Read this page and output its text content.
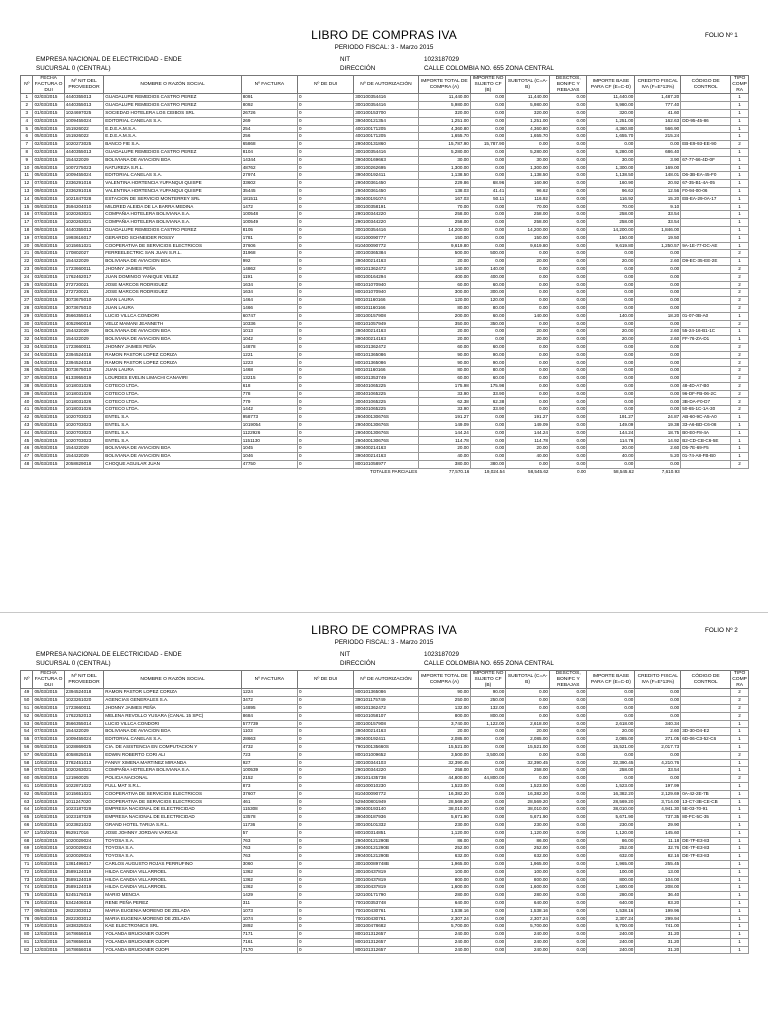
LIBRO DE COMPRAS IVA
PERIODO FISCAL: 3 - Marzo 2015
FOLIO Nº 1
EMPRESA NACIONAL DE ELECTRICIDAD - ENDE
SUCURSAL 0 (CENTRAL)
NIT	1023187029
DIRECCIÓN	CALLE COLOMBIA NO. 655 ZONA CENTRAL
Nº	FECHA FACTURA O DUI	Nº NIT DEL PROVEEDOR	NOMBRE O RAZÓN SOCIAL	Nº FACTURA	Nº DE DUI	Nº DE AUTORIZACIÓN	IMPORTE TOTAL DE COMPRA (A)	IMPORTE NO SUJETO CF (B)	SUBTOTAL (C=A-B)	DESCTOS, BONIFC Y REBAJAS	IMPORTE BASE PARA CF (E=C-D)	CREDITO FISCAL IVA (F=E*13%)	CÓDIGO DE CONTROL	TIPO COMP RA
1	02/03/2015	4440355013	GUADALUPE REMEDIOS CASTRO PEREZ	8091	0	300100354416	11,440.00	0.00	11,440.00	0.00	11,440.00	1,487.20		1
2	02/03/2015	4440355013	GUADALUPE REMEDIOS CASTRO PEREZ	8092	0	300100354416	5,980.00	0.00	5,980.00	0.00	5,980.00	777.40		1
3	01/03/2015	1024697025	SOCIEDAD HOTELERA LOS CEIBOS SRL	26726	0	300100153700	320.00	0.00	320.00	0.00	320.00	41.60		1
4	03/03/2015	1009455024	EDITORIAL CANELAS S.A.	269	0	390400121354	1,251.00	0.00	1,251.00	0.00	1,251.00	162.63	DD-95-45-86	1
5	05/03/2015	151926022	E.D.E.A.M.S.A.	254	0	400100171205	4,360.80	0.00	4,360.80	0.00	4,360.80	566.90		1
6	05/03/2015	151926022	E.D.E.A.M.S.A.	256	0	400100171205	1,655.70	0.00	1,655.70	0.00	1,655.70	215.24		1
7	02/03/2015	1020273025	BANCO FIE S.A.	65868	0	290400131860	15,787.90	15,787.90	0.00	0.00	0.00	0.00	EB-E9-93-EE-90	2
8	02/03/2015	4440355013	GUADALUPE REMEDIOS CASTRO PEREZ	8104	0	300100354416	5,280.00	0.00	5,280.00	0.00	5,280.00	686.40		1
9	03/03/2015	154422029	BOLIVIANA DE AVIACION BOA	14344	0	390400169663	30.00	0.00	30.00	0.00	30.00	3.90	67-77-66-4D-0F	1
10	05/03/2015	1007275023	NATUREZA S.R.L.	48762	0	300100262695	1,300.00	0.00	1,300.00	0.00	1,300.00	169.00		1
11	05/03/2015	1009455024	EDITORIAL CANELAS S.A.	27974	0	390400192411	1,138.50	0.00	1,138.50	0.00	1,138.50	148.01	D6-3B-EA-45-F0	1
12	07/03/2015	2336291016	VALENTINA HORTENCIA YUPANQUI QUISPE	33602	0	290400361450	229.86	68.96	160.90	0.00	160.90	20.92	67-35-B1-4A-05	1
13	09/03/2015	2336291016	VALENTINA HORTENCIA YUPANQUI QUISPE	35445	0	290400361450	138.03	41.41	96.62	0.00	96.62	12.56	F0-94-00-06	1
14	05/03/2015	1021847028	ESTACION DE SERVICIO MONTERREY SRL	181511	0	350400191074	167.03	50.11	116.92	0.00	116.92	15.20	EB-EA-29-0A-17	1
15	09/03/2015	3594204010	MILDRED ALEIDA DE LA BARRA MEDINA	1472	0	300100358191	70.00	0.00	70.00	0.00	70.00	9.10		1
16	07/03/2015	1020263021	COMPAÑIA HOTELERA BOLIVIANA S.A.	100548	0	290100344220	258.00	0.00	258.00	0.00	258.00	33.54		1
17	07/03/2015	1020263021	COMPAÑIA HOTELERA BOLIVIANA S.A.	100549	0	290100344220	258.00	0.00	258.00	0.00	258.00	33.54		1
18	09/03/2015	4440355013	GUADALUPE REMEDIOS CASTRO PEREZ	8105	0	300100354416	14,200.00	0.00	14,200.00	0.00	14,200.00	1,846.00		1
19	07/03/2015	1993616017	GERARDO SCHNEIDER ROSSY	1781	0	810100090777	150.00	0.00	150.00	0.00	150.00	19.50		1
20	05/03/2015	1015651021	COOPERATIVA DE SERVICIOS ELECTRICOS	37606	0	810400090772	9,619.80	0.00	9,619.80	0.00	9,619.80	1,250.57	9A-1E-77-DC-AE	1
21	05/03/2015	170802027	FERREELECTRIC SAN JUAN S.R.L.	31968	0	300100365384	500.00	500.00	0.00	0.00	0.00	0.00		2
22	03/03/2015	154422029	BOLIVIANA DE AVIACION BOA	992	0	390400214163	20.00	0.00	20.00	0.00	20.00	2.60	D9-EC-35-EE-2E	1
23	09/03/2015	1723660011	JHONNY JAIMES PEÑA	14862	0	800101362472	140.00	140.00	0.00	0.00	0.00	0.00		2
24	03/03/2015	1762462017	JUAN DOMINGO YANIQUE VELEZ	1191	0	800100164294	400.00	400.00	0.00	0.00	0.00	0.00		2
25	03/03/2015	272720021	JOSE MARCOS RODRIGUEZ	1634	0	800101070940	60.00	60.00	0.00	0.00	0.00	0.00		2
26	03/03/2015	272720021	JOSE MARCOS RODRIGUEZ	1634	0	800101070940	300.00	300.00	0.00	0.00	0.00	0.00		2
27	03/03/2015	3073675010	JUAN LAURA	1464	0	800101160166	120.00	120.00	0.00	0.00	0.00	0.00		2
28	03/03/2015	3073675010	JUAN LAURA	1466	0	800101160166	80.00	80.00	0.00	0.00	0.00	0.00		2
29	03/03/2015	3566355014	LUCIO VILLCA CONDORI	60747	0	300100157908	200.00	60.00	140.00	0.00	140.00	18.20	01-07-0B-A0	1
30	03/03/2015	4052960018	VELIZ MAMANI JEANNETH	10336	0	800101057949	350.00	350.00	0.00	0.00	0.00	0.00		2
31	04/03/2015	154422029	BOLIVIANA DE AVIACION BOA	1013	0	390400214163	20.00	0.00	20.00	0.00	20.00	2.60	55-24-16-B1-1C	1
32	04/03/2015	154422029	BOLIVIANA DE AVIACION BOA	1042	0	390400214163	20.00	0.00	20.00	0.00	20.00	2.60	FF-76-ZA-D1	1
33	04/03/2015	1723660011	JHONNY JAIMES PEÑA	14878	0	800101362472	60.00	60.00	0.00	0.00	0.00	0.00		2
34	04/03/2015	2394524018	RAMON PASTOR LOPEZ CORIZA	1221	0	800101365086	90.00	90.00	0.00	0.00	0.00	0.00		2
35	04/03/2015	2394524018	RAMON PASTOR LOPEZ CORIZA	1223	0	800101365086	90.00	90.00	0.00	0.00	0.00	0.00		2
36	05/03/2015	3073675010	JUAN LAURA	1468	0	800101160166	80.00	80.00	0.00	0.00	0.00	0.00		2
37	05/03/2015	6133955019	LOURDES EVELIN LIMACHI CANAVIRI	13215	0	800101353749	60.00	60.00	0.00	0.00	0.00	0.00		2
38	05/03/2015	1018031026	COTECO LTDA.	618	0	300401065225	175.98	175.98	0.00	0.00	0.00	0.00	48-4D-A7-B0	2
39	05/03/2015	1018031026	COTECO LTDA.	778	0	300401065225	33.90	33.90	0.00	0.00	0.00	0.00	96-DF-FB-06-2C	2
40	05/03/2015	1018031026	COTECO LTDA.	779	0	300401065225	62.38	62.38	0.00	0.00	0.00	0.00	3B-DA-F0-D7	2
41	05/03/2015	1018031026	COTECO LTDA.	1442	0	300401065225	33.90	33.90	0.00	0.00	0.00	0.00	50-65-1C-1A-30	2
42	05/03/2015	1020703023	ENTEL S.A	958773	0	290400130676S	191.27	0.00	191.27	0.00	191.27	24.87	AB-60-9C-A5-A0	1
43	05/03/2015	1020703023	ENTEL S.A	1019054	0	290400130676S	149.09	0.00	149.09	0.00	149.09	19.38	33-A6-BD-C6-08	1
44	05/03/2015	1020703023	ENTEL S.A	1122926	0	290400130676S	144.24	0.00	144.24	0.00	144.24	18.75	B0-E0-F8-4A	1
45	05/03/2015	1020703023	ENTEL S.A	1151130	0	290400130676S	114.78	0.00	114.78	0.00	114.78	14.92	B2-CD-CB-C6-5E	1
46	05/03/2015	154422029	BOLIVIANA DE AVIACION BOA	1045	0	390400214163	20.00	0.00	20.00	0.00	20.00	2.60	D5-7E-69-F5	1
47	05/03/2015	154422029	BOLIVIANA DE AVIACION BOA	1046	0	390400214163	40.00	0.00	40.00	0.00	40.00	5.20	01-74-A8-FB-B0	1
48	05/03/2015	2058829018	CHOQUE AGUILAR JUAN	47750	0	800101058977	380.00	380.00	0.00	0.00	0.00	0.00		2
TOTALES PARCIALES							77,570.16	19,024.54	58,545.62	0.00	58,545.62	7,610.93		
LIBRO DE COMPRAS IVA
PERIODO FISCAL: 3 - Marzo 2015
FOLIO Nº 2
EMPRESA NACIONAL DE ELECTRICIDAD - ENDE
SUCURSAL 0 (CENTRAL)
NIT	1023187029
DIRECCIÓN	CALLE COLOMBIA NO. 655 ZONA CENTRAL
Nº	FECHA FACTURA O DUI	Nº NIT DEL PROVEEDOR	NOMBRE O RAZÓN SOCIAL	Nº FACTURA	Nº DE DUI	Nº DE AUTORIZACIÓN	IMPORTE TOTAL DE COMPRA (A)	IMPORTE NO SUJETO CF (B)	SUBTOTAL (C=A-B)	DESCTOS, BONIFC Y REBAJAS	IMPORTE BASE PARA CF (E=C-D)	CREDITO FISCAL IVA (F=E*13%)	CÓDIGO DE CONTROL	TIPO COMP RA
49	05/03/2015	2394524018	RAMON PASTOR LOPEZ CORIZA	1224	0	800101365086	90.00	90.00	0.00	0.00	0.00	0.00		2
50	06/03/2015	1023261020	AGENCIAS GENERALES S.A.	3472	0	390101175749	250.00	250.00	0.00	0.00	0.00	0.00		2
51	06/03/2015	1723660011	JHONNY JAIMES PEÑA	14895	0	800101362472	132.00	132.00	0.00	0.00	0.00	0.00		2
52	06/03/2015	1762252013	MELENA REVOLLO YUSARA (CANAL 15 SPC)	8684	0	800101058107	800.00	800.00	0.00	0.00	0.00	0.00		2
53	06/03/2015	3566355014	LUCIO VILLCA CONDORI	577739	0	300100157908	3,740.00	1,122.00	2,618.00	0.00	2,618.00	340.34		1
54	07/03/2015	154422029	BOLIVIANA DE AVIACION BOA	1103	0	390400214163	20.00	0.00	20.00	0.00	20.00	2.60	3D-30-D4-E2	1
55	07/03/2015	1009455024	EDITORIAL CANELAS S.A.	28663	0	390400192411	2,085.00	0.00	2,085.00	0.00	2,085.00	271.05	6D-06-C3-52-C6	1
56	09/03/2015	1028869025	CIA. DE ASISTENCIA EN COMPUTACION Y	4732	0	790100135660S	15,521.00	0.00	15,521.00	0.00	15,521.00	2,017.73		1
57	06/03/2015	4058825016	EDWIN ROBERTO CORI ALI	723	0	800101009652	3,500.00	3,500.00	0.00	0.00	0.00	0.00		2
58	10/03/2015	3782451013	FANNY XIMENA MARTINEZ MIRANDA	927	0	300100344103	32,390.45	0.00	32,390.45	0.00	32,390.45	4,210.76		1
59	07/03/2015	1020263021	COMPAÑIA HOTELERA BOLIVIANA S.A.	100539	0	290100344220	258.00	0.00	258.00	0.00	258.00	33.54		1
60	05/03/2015	121960025	POLICIA NACIONAL	2152	0	250101435738	44,800.00	44,800.00	0.00	0.00	0.00	0.00		2
61	10/03/2015	1022871022	FULL MAT S.R.L.	873	0	400100010230	1,523.00	0.00	1,523.00	0.00	1,523.00	197.99		1
62	05/03/2015	1015651021	COOPERATIVA DE SERVICIOS ELECTRICOS	37607	0	810400090772	16,382.20	0.00	16,382.20	0.00	16,382.20	2,129.69	0A-42-2E-7B	1
63	10/03/2015	1011247020	COOPERATIVA DE SERVICIOS ELECTRICOS	461	0	529400801949	28,569.20	0.00	28,569.20	0.00	28,569.20	3,714.00	13-C7-3B-CE-CB	1
64	10/03/2015	1023187029	EMPRESA NACIONAL DE ELECTRICIDAD	115308	0	390400193140	38,010.00	0.00	38,010.00	0.00	38,010.00	4,941.30	5E-03-70-91	1
65	10/03/2015	1023187029	EMPRESA NACIONAL DE ELECTRICIDAD	13578	0	390400187936	5,671.90	0.00	5,671.90	0.00	5,671.90	737.35	80-FC-5C-35	1
66	10/03/2015	1023821022	GRAND HOTEL TARIJA S.R.L.	11736	0	300100101332	230.00	0.00	230.00	0.00	230.00	29.90		1
67	11/03/2015	952917016	JOSE JOHNNY JORDAN VARGAS	57	0	800100314851	1,120.00	0.00	1,120.00	0.00	1,120.00	145.60		1
68	10/03/2015	1020029024	TOYOSA S.A.	763	0	290400121290B	86.00	0.00	86.00	0.00	86.00	11.18	DE-7F-E3-83	1
69	10/03/2015	1020029024	TOYOSA S.A.	763	0	290400121290B	252.00	0.00	252.00	0.00	252.00	32.76	DE-7F-E3-83	1
70	10/03/2015	1020029024	TOYOSA S.A.	763	0	290400121290B	632.00	0.00	632.00	0.00	632.00	82.16	DE-7F-E3-83	1
71	10/03/2015	1381496017	CARLOS AUGUSTO ROJAS PERRUFINO	3060	0	300100089748B	1,965.00	0.00	1,965.00	0.00	1,965.00	255.45		1
72	10/03/2015	3589124019	HILDA CANDIA VILLARROEL	1362	0	300100437819	100.00	0.00	100.00	0.00	100.00	13.00		1
73	10/03/2015	3589124019	HILDA CANDIA VILLARROEL	1362	0	300100437819	800.00	0.00	800.00	0.00	800.00	104.00		1
74	10/03/2015	3589124019	HILDA CANDIA VILLARROEL	1362	0	300100437819	1,600.00	0.00	1,600.00	0.00	1,600.00	208.00		1
75	10/03/2015	5245176019	MARIO MENCIA	1429	0	320100171790	280.00	0.00	280.00	0.00	280.00	36.40		1
76	10/03/2015	5342406018	RENE PEÑA PEREZ	311	0	700100353748	640.00	0.00	640.00	0.00	640.00	83.20		1
77	09/03/2015	2822303012	MARIA EUGENIA MORENO DE ZELADA	1073	0	700100430761	1,538.16	0.00	1,538.16	0.00	1,538.16	199.96		1
78	09/03/2015	2822303012	MARIA EUGENIA MORENO DE ZELADA	1074	0	700100430761	2,307.24	0.00	2,307.24	0.00	2,307.24	299.94		1
79	10/03/2015	1838325024	KAE ELECTRONICS SRL	2892	0	300100478682	5,700.00	0.00	5,700.00	0.00	5,700.00	741.00		1
80	12/03/2015	1678656016	YOLANDA BRUCKNER OJOPI	7171	0	800101312657	240.00	0.00	240.00	0.00	240.00	31.20		1
81	12/03/2015	1678656016	YOLANDA BRUCKNER OJOPI	7161	0	800101312657	240.00	0.00	240.00	0.00	240.00	31.20		1
82	12/03/2015	1678656016	YOLANDA BRUCKNER OJOPI	7170	0	800101312657	240.00	0.00	240.00	0.00	240.00	31.20		1
